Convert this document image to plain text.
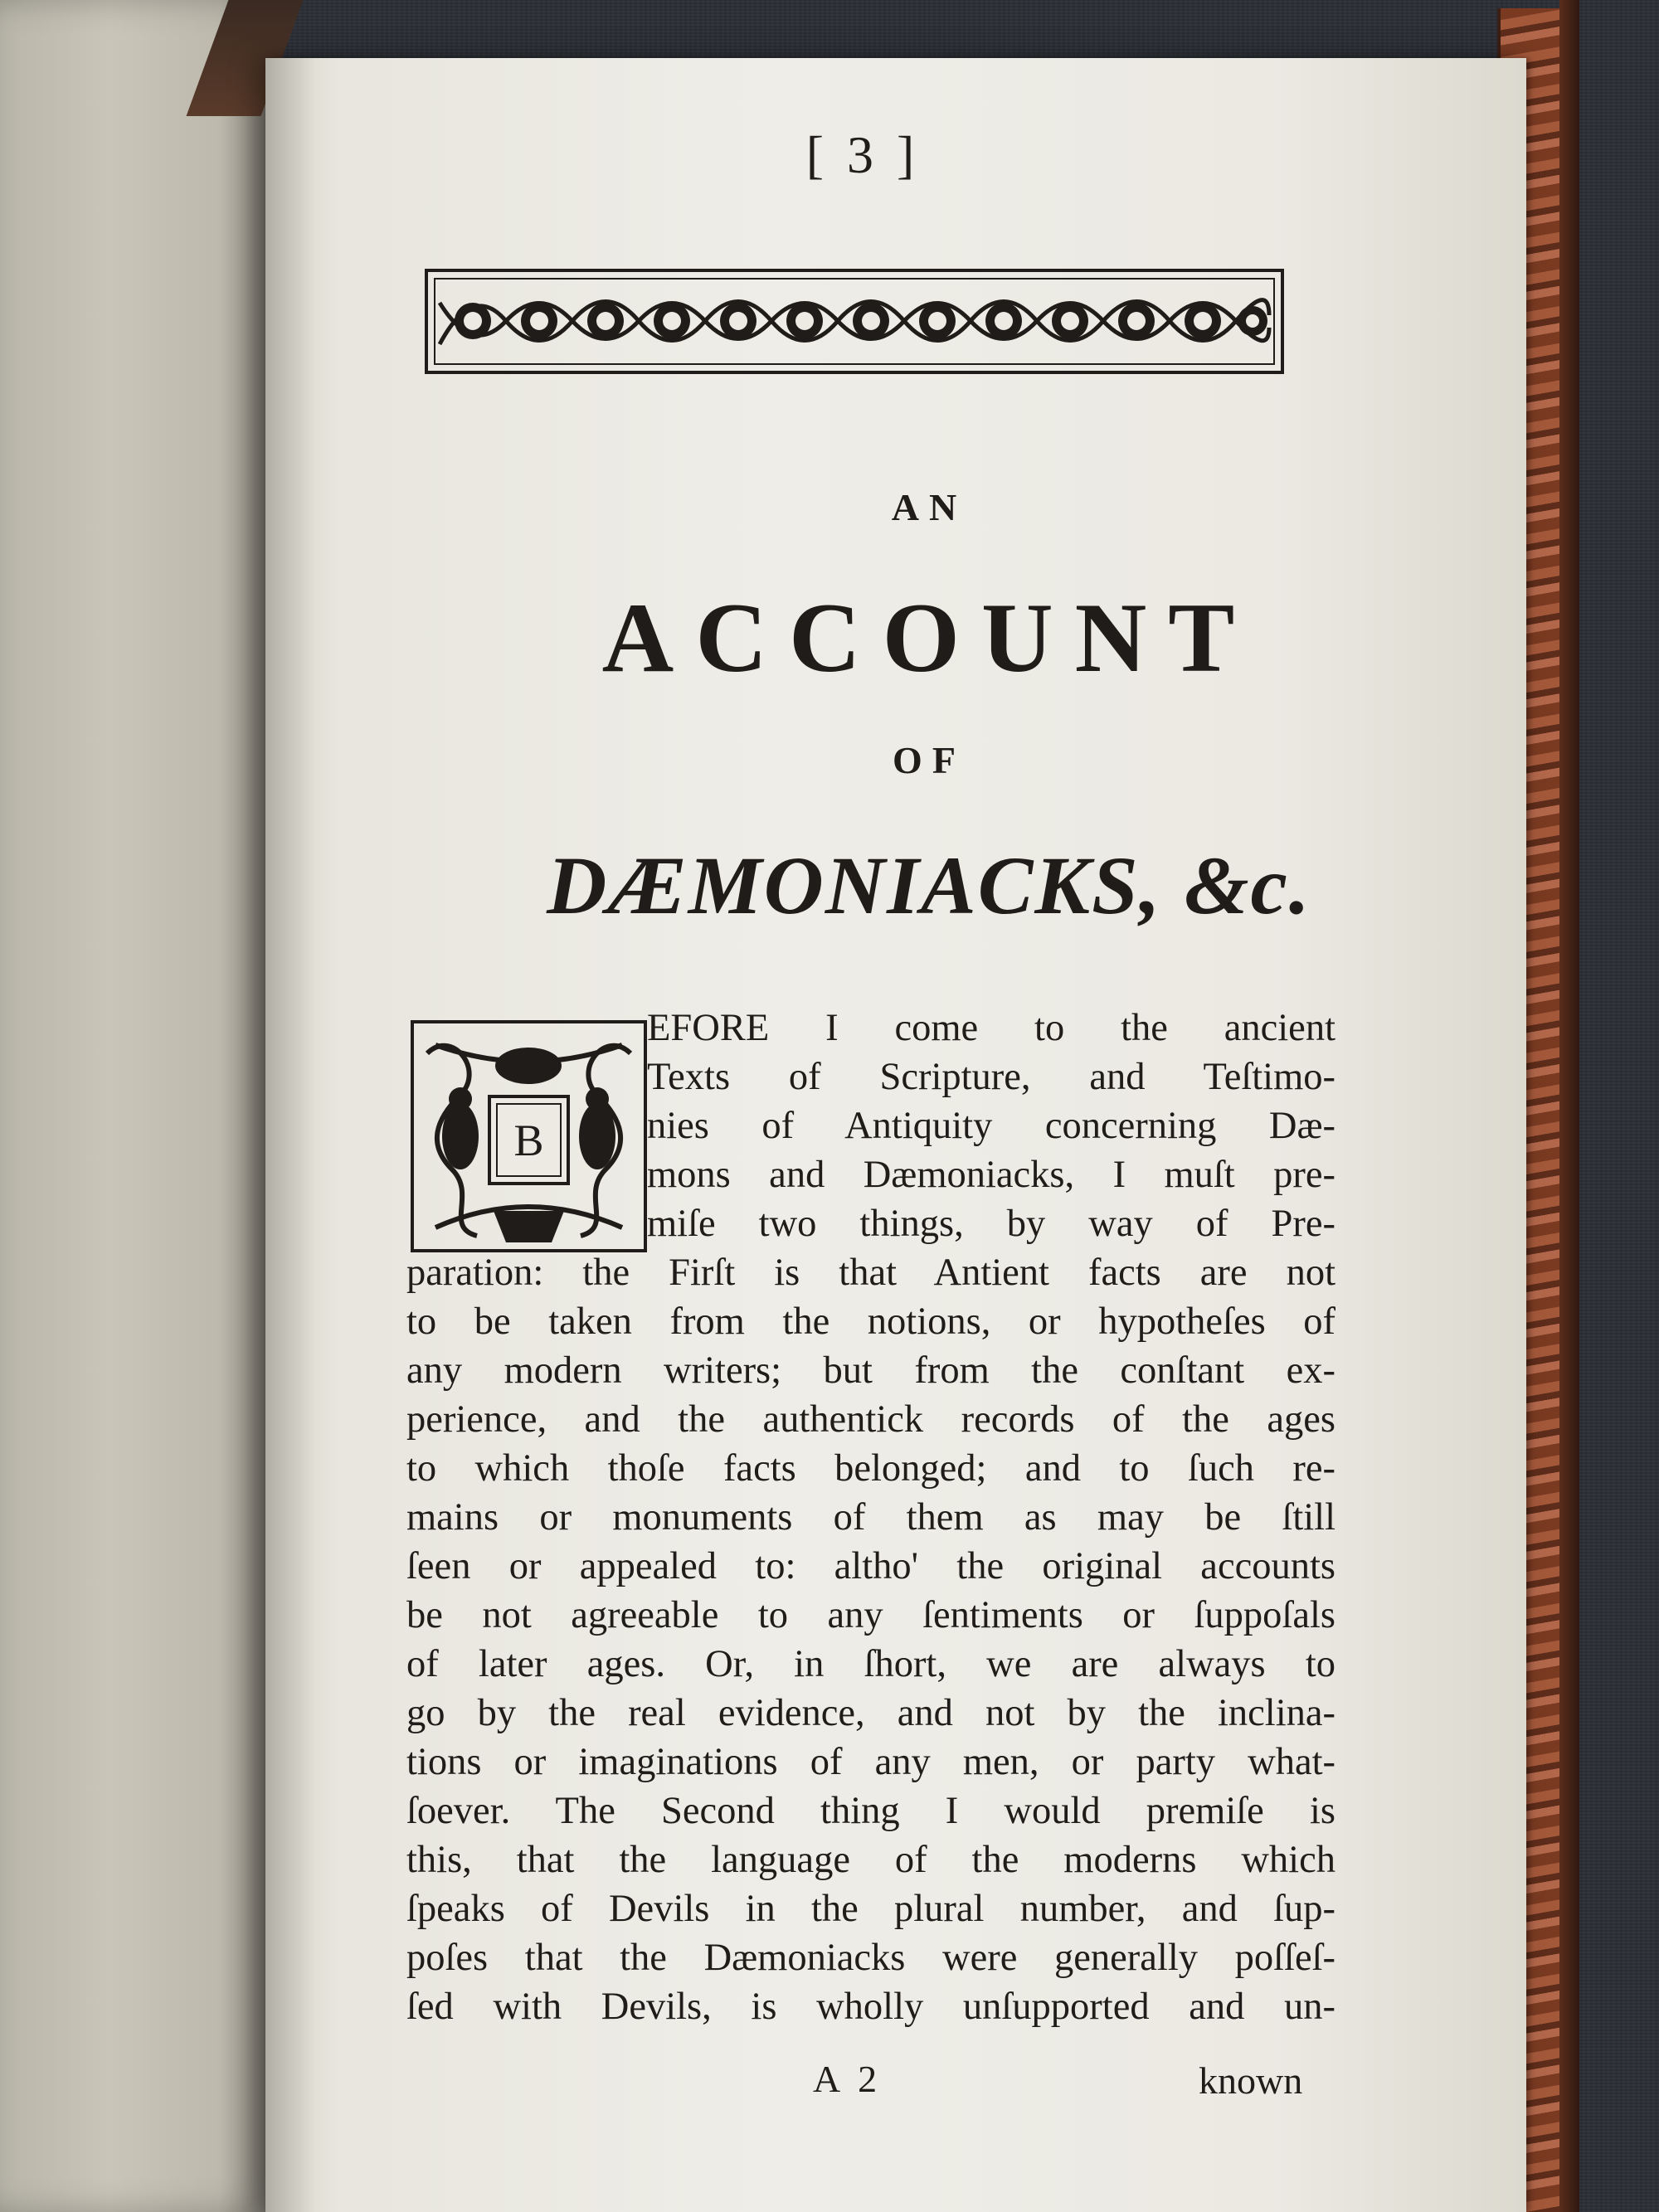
[ 3 ]
AN
ACCOUNT
OF
DÆMONIACKS, &c.
B
EFORE I come to the ancient
Texts of Scripture, and Teſtimo-
nies of Antiquity concerning Dæ-
mons and Dæmoniacks, I muſt pre-
miſe two things, by way of Pre-
paration: the Firſt is that Antient facts are not
to be taken from the notions, or hypotheſes of
any modern writers; but from the conſtant ex-
perience, and the authentick records of the ages
to which thoſe facts belonged; and to ſuch re-
mains or monuments of them as may be ſtill
ſeen or appealed to: altho' the original accounts
be not agreeable to any ſentiments or ſuppoſals
of later ages. Or, in ſhort, we are always to
go by the real evidence, and not by the inclina-
tions or imaginations of any men, or party what-
ſoever. The Second thing I would premiſe is
this, that the language of the moderns which
ſpeaks of Devils in the plural number, and ſup-
poſes that the Dæmoniacks were generally poſſeſ-
ſed with Devils, is wholly unſupported and un-
A 2	known
